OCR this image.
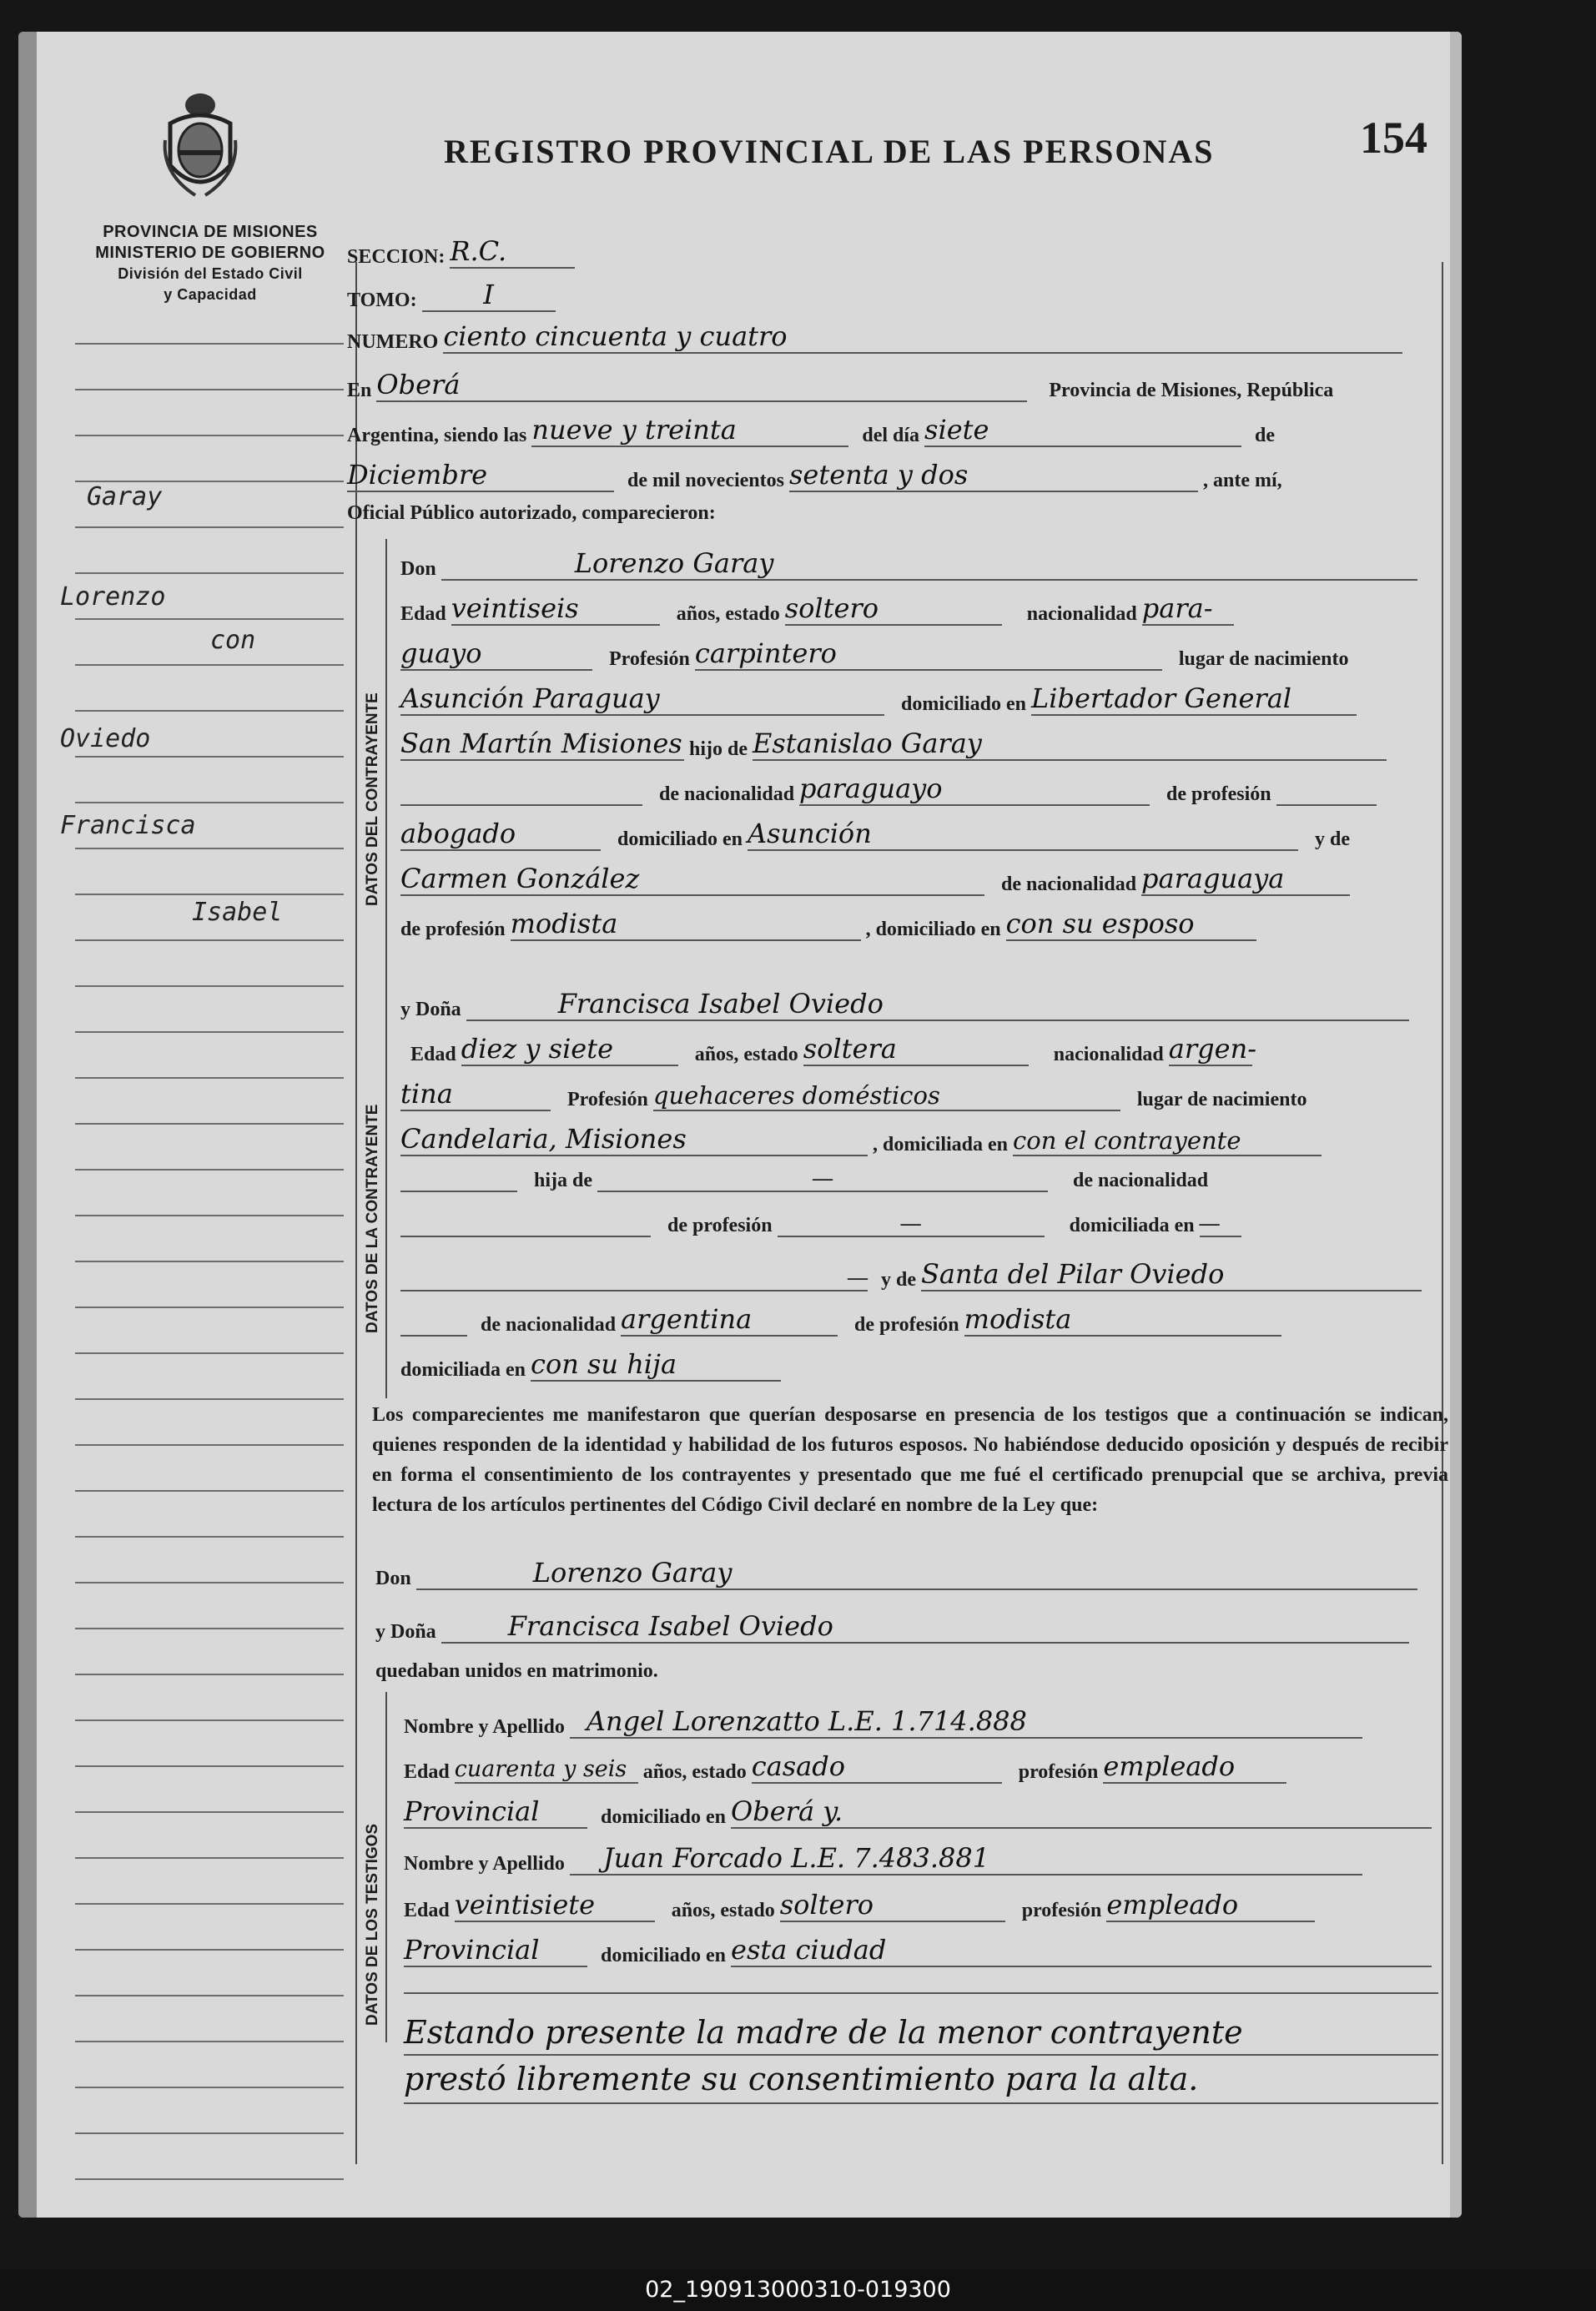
PROVINCIA DE MISIONES
MINISTERIO DE GOBIERNO
División del Estado Civil
y Capacidad
REGISTRO PROVINCIAL DE LAS PERSONAS	154
Garay
Lorenzo
con
Oviedo
Francisca
Isabel
SECCION: R.C.
TOMO: I
NUMERO ciento cincuenta y cuatro
En Oberá	Provincia de Misiones, República
Argentina, siendo las nueve y treinta	del día siete	de
Diciembre	de mil novecientos setenta y dos	, ante mí,
Oficial Público autorizado, comparecieron:
DATOS DEL CONTRAYENTE
Don	Lorenzo Garay
Edad veintiseis	años, estado soltero	nacionalidad para-
guayo	Profesión carpintero	lugar de nacimiento
Asunción Paraguay	domiciliado en Libertador General
San Martín Misiones hijo de Estanislao Garay
de nacionalidad paraguayo	de profesión
abogado	domiciliado en Asunción	y de
Carmen González	de nacionalidad paraguaya
de profesión modista	, domiciliado en con su esposo
DATOS DE LA CONTRAYENTE
y Doña	Francisca Isabel Oviedo
Edad diez y siete	años, estado soltera	nacionalidad argen-
tina	Profesión quehaceres domésticos	lugar de nacimiento
Candelaria, Misiones	, domiciliada en con el contrayente
hija de	—	de nacionalidad
de profesión	—	domiciliada en —
— y de Santa del Pilar Oviedo
de nacionalidad argentina	de profesión modista
domiciliada en con su hija
Los comparecientes me manifestaron que querían desposarse en presencia de los testigos que a continuación se indican, quienes responden de la identidad y habilidad de los futuros esposos. No habiéndose deducido oposición y después de recibir en forma el consentimiento de los contrayentes y presentado que me fué el certificado prenupcial que se archiva, previa lectura de los artículos pertinentes del Código Civil declaré en nombre de la Ley que:
Don	Lorenzo Garay
y Doña	Francisca Isabel Oviedo
quedaban unidos en matrimonio.
DATOS DE LOS TESTIGOS
Nombre y Apellido Angel Lorenzatto L.E. 1.714.888
Edad cuarenta y seis años, estado casado	profesión empleado
Provincial	domiciliado en Oberá y.
Nombre y Apellido Juan Forcado L.E. 7.483.881
Edad veintisiete	años, estado soltero	profesión empleado
Provincial	domiciliado en esta ciudad
Estando presente la madre de la menor contrayente
prestó libremente su consentimiento para la alta.
02_190913000310-019300
